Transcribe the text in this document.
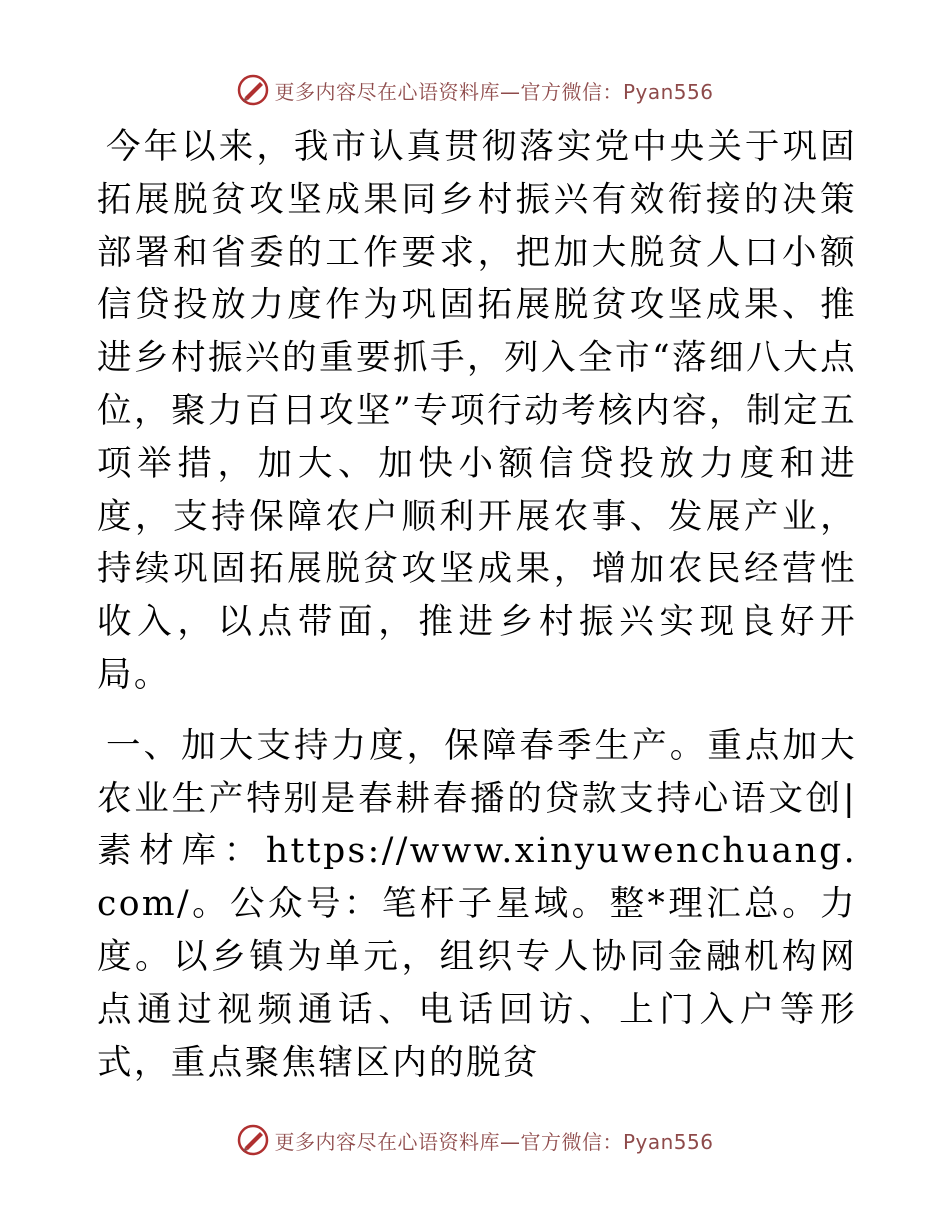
更多内容尽在心语资料库—官方微信：Pyan556

今年以来，我市认真贯彻落实党中央关于巩固拓展脱贫攻坚成果同乡村振兴有效衔接的决策部署和省委的工作要求，把加大脱贫人口小额信贷投放力度作为巩固拓展脱贫攻坚成果、推进乡村振兴的重要抓手，列入全市“落细八大点位，聚力百日攻坚”专项行动考核内容，制定五项举措，加大、加快小额信贷投放力度和进度，支持保障农户顺利开展农事、发展产业，持续巩固拓展脱贫攻坚成果，增加农民经营性收入，以点带面，推进乡村振兴实现良好开局。

一、加大支持力度，保障春季生产。重点加大农业生产特别是春耕春播的贷款支持心语文创|素材库：https://www.xinyuwenchuang.com/。公众号：笔杆子星域。整*理汇总。力度。以乡镇为单元，组织专人协同金融机构网点通过视频通话、电话回访、上门入户等形式，重点聚焦辖区内的脱贫

更多内容尽在心语资料库—官方微信：Pyan556
